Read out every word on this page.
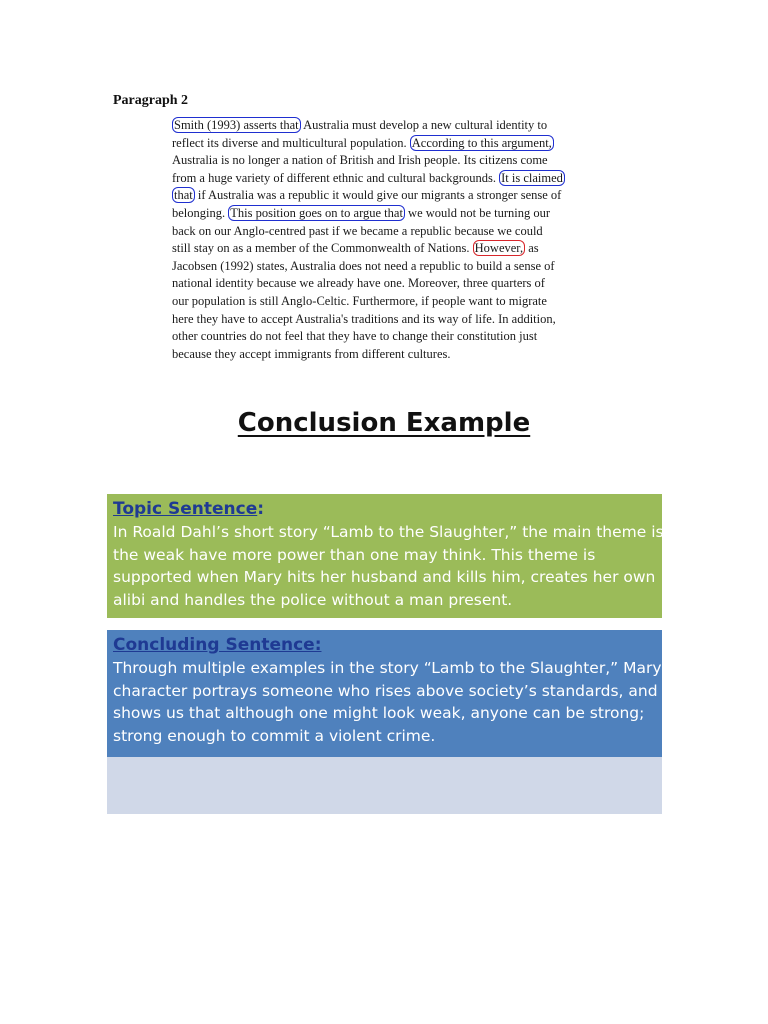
Paragraph 2
Smith (1993) asserts that Australia must develop a new cultural identity to
reflect its diverse and multicultural population. According to this argument,
Australia is no longer a nation of British and Irish people. Its citizens come
from a huge variety of different ethnic and cultural backgrounds. It is claimed
that if Australia was a republic it would give our migrants a stronger sense of
belonging. This position goes on to argue that we would not be turning our
back on our Anglo-centred past if we became a republic because we could
still stay on as a member of the Commonwealth of Nations. However, as
Jacobsen (1992) states, Australia does not need a republic to build a sense of
national identity because we already have one. Moreover, three quarters of
our population is still Anglo-Celtic. Furthermore, if people want to migrate
here they have to accept Australia's traditions and its way of life. In addition,
other countries do not feel that they have to change their constitution just
because they accept immigrants from different cultures.
Conclusion Example
Topic Sentence:
In Roald Dahl’s short story “Lamb to the Slaughter,” the main theme is
the weak have more power than one may think. This theme is
supported when Mary hits her husband and kills him, creates her own
alibi and handles the police without a man present.
Concluding Sentence:
Through multiple examples in the story “Lamb to the Slaughter,” Mary’s
character portrays someone who rises above society’s standards, and
shows us that although one might look weak, anyone can be strong;
strong enough to commit a violent crime.
